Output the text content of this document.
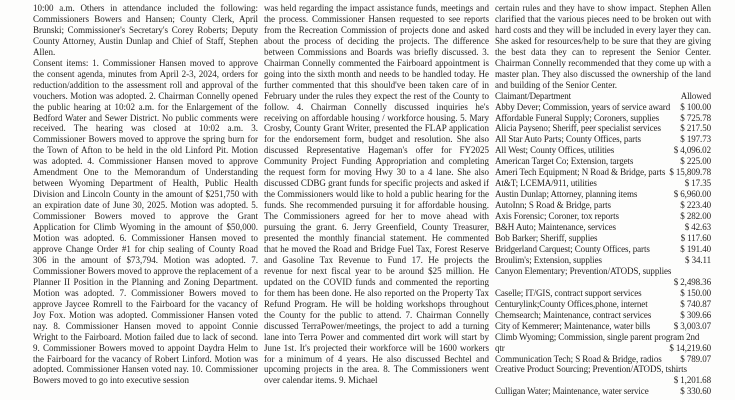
10:00 a.m. Others in attendance included the following: Commissioners Bowers and Hansen; County Clerk, April Brunski; Commissioner's Secretary's Corey Roberts; Deputy County Attorney, Austin Dunlap and Chief of Staff, Stephen Allen.

Consent items: 1. Commissioner Hansen moved to approve the consent agenda, minutes from April 2-3, 2024, orders for reduction/addition to the assessment roll and approval of the vouchers. Motion was adopted. 2. Chairman Connelly opened the public hearing at 10:02 a.m. for the Enlargement of the Bedford Water and Sewer District. No public comments were received. The hearing was closed at 10:02 a.m. 3. Commissioner Bowers moved to approve the spring burn for the Town of Afton to be held in the old Linford Pit. Motion was adopted. 4. Commissioner Hansen moved to approve Amendment One to the Memorandum of Understanding between Wyoming Department of Health, Public Health Division and Lincoln County in the amount of $251,750 with an expiration date of June 30, 2025. Motion was adopted. 5. Commissioner Bowers moved to approve the Grant Application for Climb Wyoming in the amount of $50,000. Motion was adopted. 6. Commissioner Hansen moved to approve Change Order #1 for chip sealing of County Road 306 in the amount of $73,794. Motion was adopted. 7. Commissioner Bowers moved to approve the replacement of a Planner II Position in the Planning and Zoning Department. Motion was adopted. 7. Commissioner Bowers moved to approve Jaycee Romrell to the Fairboard for the vacancy of Joy Fox. Motion was adopted. Commissioner Hansen voted nay. 8. Commissioner Hansen moved to appoint Connie Wright to the Fairboard. Motion failed due to lack of second. 9. Commissioner Bowers moved to appoint Daydra Helm to the Fairboard for the vacancy of Robert Linford. Motion was adopted. Commissioner Hansen voted nay. 10. Commissioner Bowers moved to go into executive session

was held regarding the impact assistance funds, meetings and the process. Commissioner Hansen requested to see reports from the Recreation Commission of projects done and asked about the process of deciding the projects. The difference between Commissions and Boards was briefly discussed. 3. Chairman Connelly commented the Fairboard appointment is going into the sixth month and needs to be handled today. He further commented that this should've been taken care of in February under the rules they expect the rest of the County to follow. 4. Chairman Connelly discussed inquiries he's receiving on affordable housing / workforce housing. 5. Mary Crosby, County Grant Writer, presented the FLAP application for the endorsement form, budget and resolution. She also discussed Representative Hageman's offer for FY2025 Community Project Funding Appropriation and completing the request form for moving Hwy 30 to a 4 lane. She also discussed CDBG grant funds for specific projects and asked if the Commissioners would like to hold a public hearing for the funds. She recommended pursuing it for affordable housing. The Commissioners agreed for her to move ahead with pursuing the grant. 6. Jerry Greenfield, County Treasurer, presented the monthly financial statement. He commented that he moved the Road and Bridge Fuel Tax, Forest Reserve and Gasoline Tax Revenue to Fund 17. He projects the revenue for next fiscal year to be around $25 million. He updated on the COVID funds and commented the reporting for them has been done. He also reported on the Property Tax Refund Program. He will be holding workshops throughout the County for the public to attend. 7. Chairman Connelly discussed TerraPower/meetings, the project to add a turning lane into Terra Power and commented dirt work will start by June 1st. It's projected their workforce will be 1600 workers for a minimum of 4 years. He also discussed Bechtel and upcoming projects in the area. 8. The Commissioners went over calendar items. 9. Michael

certain rules and they have to show impact. Stephen Allen clarified that the various pieces need to be broken out with hard costs and they will be included in every layer they can. She asked for resources/help to be sure that they are giving the best data they can to represent the Senior Center. Chairman Connelly recommended that they come up with a master plan. They also discussed the ownership of the land and building of the Senior Center.

Claimant/Department	Allowed
Abby Dever; Commission, years of service award $ 100.00
Affordable Funeral Supply; Coroners, supplies $ 725.78
Alicia Payseno; Sheriff, peer specialist services $ 217.50
All Star Auto Parts; County Offices, parts	$ 197.73
All West; County Offices, utilities	$ 4,096.02
American Target Co; Extension, targets	$ 225.00
Ameri Tech Equipment; N Road & Bridge, parts $ 15,809.78
At&T; LCEMA/911, utilities	$ 17.35
Austin Dunlap; Attorney, planning items	$ 6,960.00
AutoInn; S Road & Bridge, parts	$ 223.40
Axis Forensic; Coroner, tox reports	$ 282.00
B&H Auto; Maintenance, services	$ 42.63
Bob Barker; Sheriff, supplies	$ 117.60
Bridgerland Carquest; County Offices, parts	$ 191.40
Broulim's; Extension, supplies	$ 34.11
Canyon Elementary; Prevention/ATODS, supplies
$ 2,498.36
Caselle; IT/GIS, contract support services	$ 150.00
Centurylink;County Offices,phone, internet	$ 740.87
Chemsearch; Maintenance, contract services	$ 309.66
City of Kemmerer; Maintenance, water bills	$ 3,003.07
Climb Wyoming; Commission, single parent program 2nd qtr	$ 14,219.60
Communication Tech; S Road & Bridge, radios $ 789.07
Creative Product Sourcing; Prevention/ATODS, tshirts
$ 1,201.68
Culligan Water; Maintenance, water service	$ 330.60
